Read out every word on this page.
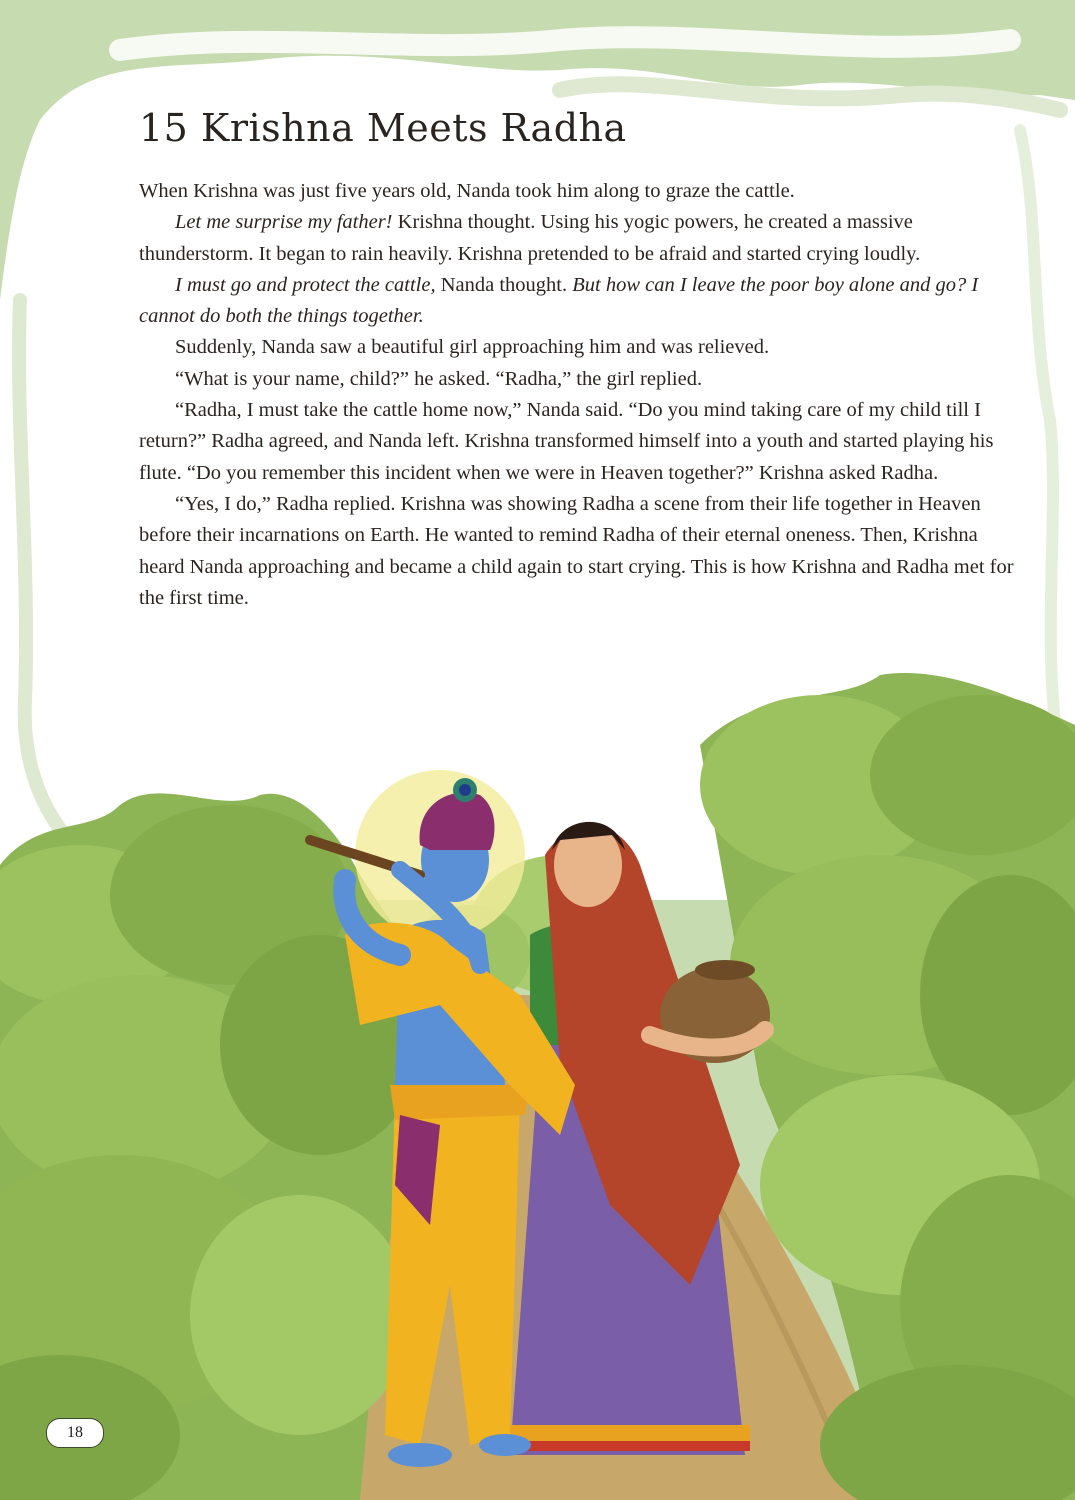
15 Krishna Meets Radha

When Krishna was just five years old, Nanda took him along to graze the cattle.

Let me surprise my father! Krishna thought. Using his yogic powers, he created a massive thunderstorm. It began to rain heavily. Krishna pretended to be afraid and started crying loudly.

I must go and protect the cattle, Nanda thought. But how can I leave the poor boy alone and go? I cannot do both the things together.

Suddenly, Nanda saw a beautiful girl approaching him and was relieved.

“What is your name, child?” he asked. “Radha,” the girl replied.

“Radha, I must take the cattle home now,” Nanda said. “Do you mind taking care of my child till I return?” Radha agreed, and Nanda left. Krishna transformed himself into a youth and started playing his flute. “Do you remember this incident when we were in Heaven together?” Krishna asked Radha.

“Yes, I do,” Radha replied. Krishna was showing Radha a scene from their life together in Heaven before their incarnations on Earth. He wanted to remind Radha of their eternal oneness. Then, Krishna heard Nanda approaching and became a child again to start crying. This is how Krishna and Radha met for the first time.

18
